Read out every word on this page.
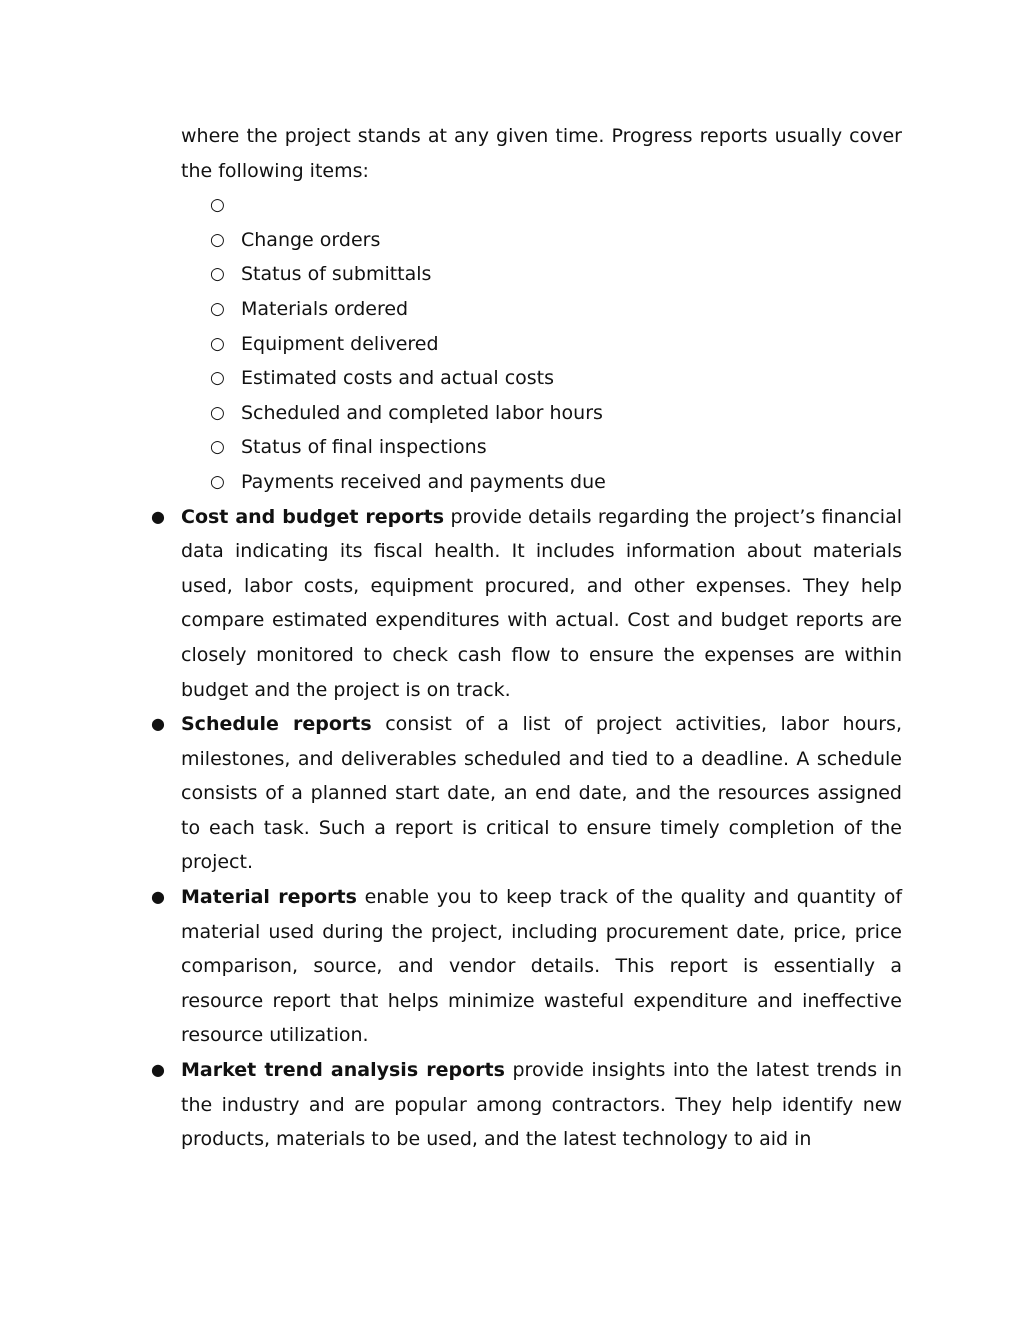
where the project stands at any given time. Progress reports usually cover the following items:

○
○ Change orders
○ Status of submittals
○ Materials ordered
○ Equipment delivered
○ Estimated costs and actual costs
○ Scheduled and completed labor hours
○ Status of final inspections
○ Payments received and payments due
● Cost and budget reports provide details regarding the project’s financial data indicating its fiscal health. It includes information about materials used, labor costs, equipment procured, and other expenses. They help compare estimated expenditures with actual. Cost and budget reports are closely monitored to check cash flow to ensure the expenses are within budget and the project is on track.
● Schedule reports consist of a list of project activities, labor hours, milestones, and deliverables scheduled and tied to a deadline. A schedule consists of a planned start date, an end date, and the resources assigned to each task. Such a report is critical to ensure timely completion of the project.
● Material reports enable you to keep track of the quality and quantity of material used during the project, including procurement date, price, price comparison, source, and vendor details. This report is essentially a resource report that helps minimize wasteful expenditure and ineffective resource utilization.
● Market trend analysis reports provide insights into the latest trends in the industry and are popular among contractors. They help identify new products, materials to be used, and the latest technology to aid in
